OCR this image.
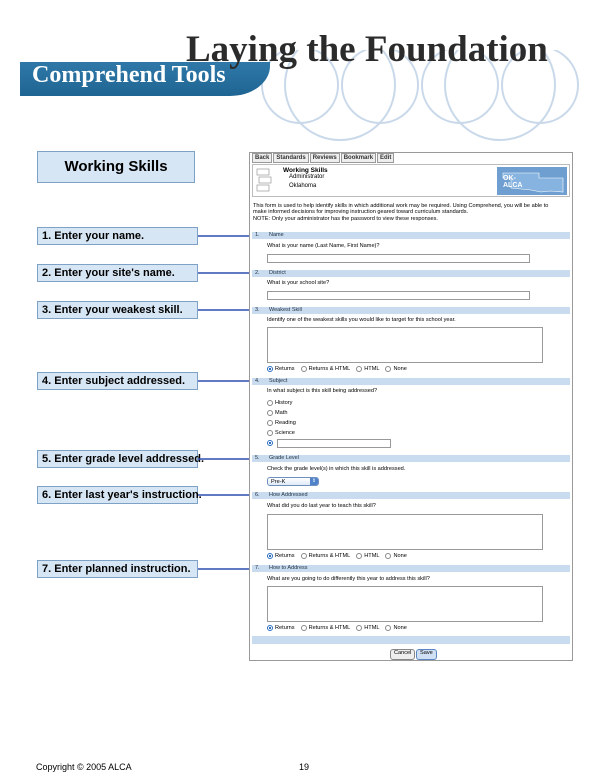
Comprehend Tools
Laying the Foundation
Working Skills
1. Enter your name.
2. Enter your site's name.
3. Enter your weakest skill.
4. Enter subject addressed.
5. Enter grade level addressed.
6. Enter last year's instruction.
7. Enter planned instruction.
Back	Standards	Reviews	Bookmark	Edit
Working Skills
Administrator
Oklahoma
OK-
ALCA
This form is used to help identify skills in which additional work may be required. Using Comprehend, you will be able to
make informed decisions for improving instruction geared toward curriculum standards.
NOTE: Only your administrator has the password to view these responses.
1. Name
What is your name (Last Name, First Name)?
2. District
What is your school site?
3. Weakest Skill
Identify one of the weakest skills you would like to target for this school year.
Returns	Returns & HTML	HTML	None
4. Subject
In what subject is this skill being addressed?
History
Math
Reading
Science
5. Grade Level
Check the grade level(s) in which this skill is addressed.
Pre-K	⇕
6. How Addressed
What did you do last year to teach this skill?
Returns	Returns & HTML	HTML	None
7. How to Address
What are you going to do differently this year to address this skill?
Returns	Returns & HTML	HTML	None
Cancel	Save
Copyright © 2005 ALCA	19
